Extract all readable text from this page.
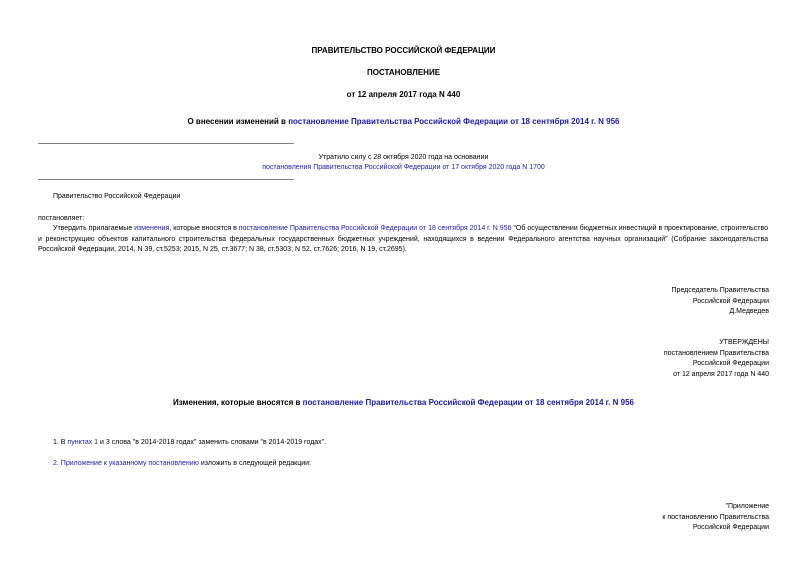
ПРАВИТЕЛЬСТВО РОССИЙСКОЙ ФЕДЕРАЦИИ
ПОСТАНОВЛЕНИЕ
от 12 апреля 2017 года N 440
О внесении изменений в постановление Правительства Российской Федерации от 18 сентября 2014 г. N 956
Утратило силу с 28 октября 2020 года на основании
постановления Правительства Российской Федерации от 17 октября 2020 года N 1700
Правительство Российской Федерации
постановляет:
Утвердить прилагаемые изменения, которые вносятся в постановление Правительства Российской Федерации от 18 сентября 2014 г. N 956 "Об осуществлении бюджетных инвестиций в проектирование, строительство и реконструкцию объектов капитального строительства федеральных государственных бюджетных учреждений, находящихся в ведении Федерального агентства научных организаций" (Собрание законодательства Российской Федерации, 2014, N 39, ст.5253; 2015, N 25, ст.3677; N 38, ст.5303; N 52, ст.7626; 2016, N 19, ст.2695).
Председатель Правительства
Российской Федерации
Д.Медведев
УТВЕРЖДЕНЫ
постановлением Правительства
Российской Федерации
от 12 апреля 2017 года N 440
Изменения, которые вносятся в постановление Правительства Российской Федерации от 18 сентября 2014 г. N 956
1. В пунктах 1 и 3 слова "в 2014-2018 годах" заменить словами "в 2014-2019 годах".
2. Приложение к указанному постановлению изложить в следующей редакции:
"Приложение
к постановлению Правительства
Российской Федерации
